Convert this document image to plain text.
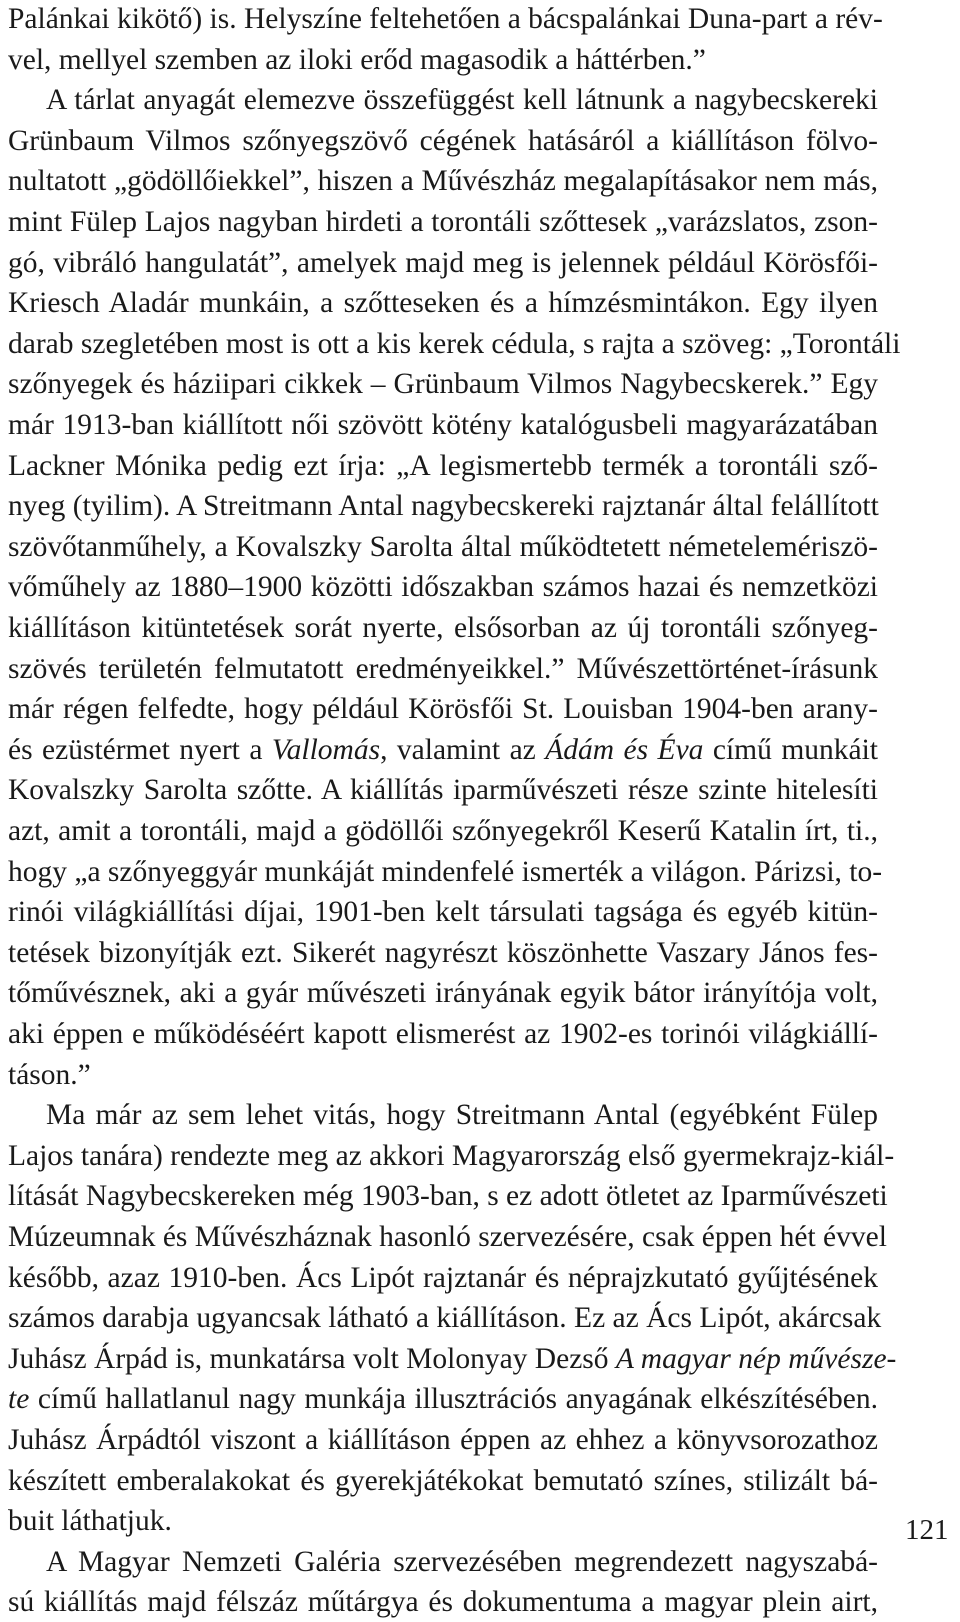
Palánkai kikötő) is. Helyszíne feltehetően a bácspalánkai Duna-part a rév-
vel, mellyel szemben az iloki erőd magasodik a háttérben.”
A tárlat anyagát elemezve összefüggést kell látnunk a nagybecskereki
Grünbaum Vilmos szőnyegszövő cégének hatásáról a kiállításon fölvo-
nultatott „gödöllőiekkel”, hiszen a Művészház megalapításakor nem más,
mint Fülep Lajos nagyban hirdeti a torontáli szőttesek „varázslatos, zson-
gó, vibráló hangulatát”, amelyek majd meg is jelennek például Körösfői-
Kriesch Aladár munkáin, a szőtteseken és a hímzésmintákon. Egy ilyen
darab szegletében most is ott a kis kerek cédula, s rajta a szöveg: „Torontáli
szőnyegek és háziipari cikkek – Grünbaum Vilmos Nagybecskerek.” Egy
már 1913-ban kiállított női szövött kötény katalógusbeli magyarázatában
Lackner Mónika pedig ezt írja: „A legismertebb termék a torontáli sző-
nyeg (tyilim). A Streitmann Antal nagybecskereki rajztanár által felállított
szövőtanműhely, a Kovalszky Sarolta által működtetett németelemériszö-
vőműhely az 1880–1900 közötti időszakban számos hazai és nemzetközi
kiállításon kitüntetések sorát nyerte, elsősorban az új torontáli szőnyeg-
szövés területén felmutatott eredményeikkel.” Művészettörténet-írásunk
már régen felfedte, hogy például Körösfői St. Louisban 1904-ben arany-
és ezüstérmet nyert a Vallomás, valamint az Ádám és Éva című munkáit
Kovalszky Sarolta szőtte. A kiállítás iparművészeti része szinte hitelesíti
azt, amit a torontáli, majd a gödöllői szőnyegekről Keserű Katalin írt, ti.,
hogy „a szőnyeggyár munkáját mindenfelé ismerték a világon. Párizsi, to-
rinói világkiállítási díjai, 1901-ben kelt társulati tagsága és egyéb kitün-
tetések bizonyítják ezt. Sikerét nagyrészt köszönhette Vaszary János fes-
tőművésznek, aki a gyár művészeti irányának egyik bátor irányítója volt,
aki éppen e működéséért kapott elismerést az 1902-es torinói világkiállí-
táson.”
Ma már az sem lehet vitás, hogy Streitmann Antal (egyébként Fülep
Lajos tanára) rendezte meg az akkori Magyarország első gyermekrajz-kiál-
lítását Nagybecskereken még 1903-ban, s ez adott ötletet az Iparművészeti
Múzeumnak és Művészháznak hasonló szervezésére, csak éppen hét évvel
később, azaz 1910-ben. Ács Lipót rajztanár és néprajzkutató gyűjtésének
számos darabja ugyancsak látható a kiállításon. Ez az Ács Lipót, akárcsak
Juhász Árpád is, munkatársa volt Molonyay Dezső A magyar nép művésze-
te című hallatlanul nagy munkája illusztrációs anyagának elkészítésében.
Juhász Árpádtól viszont a kiállításon éppen az ehhez a könyvsorozathoz
készített emberalakokat és gyerekjátékokat bemutató színes, stilizált bá-
buit láthatjuk.
A Magyar Nemzeti Galéria szervezésében megrendezett nagyszabá-
sú kiállítás majd félszáz műtárgya és dokumentuma a magyar plein airt,
121
